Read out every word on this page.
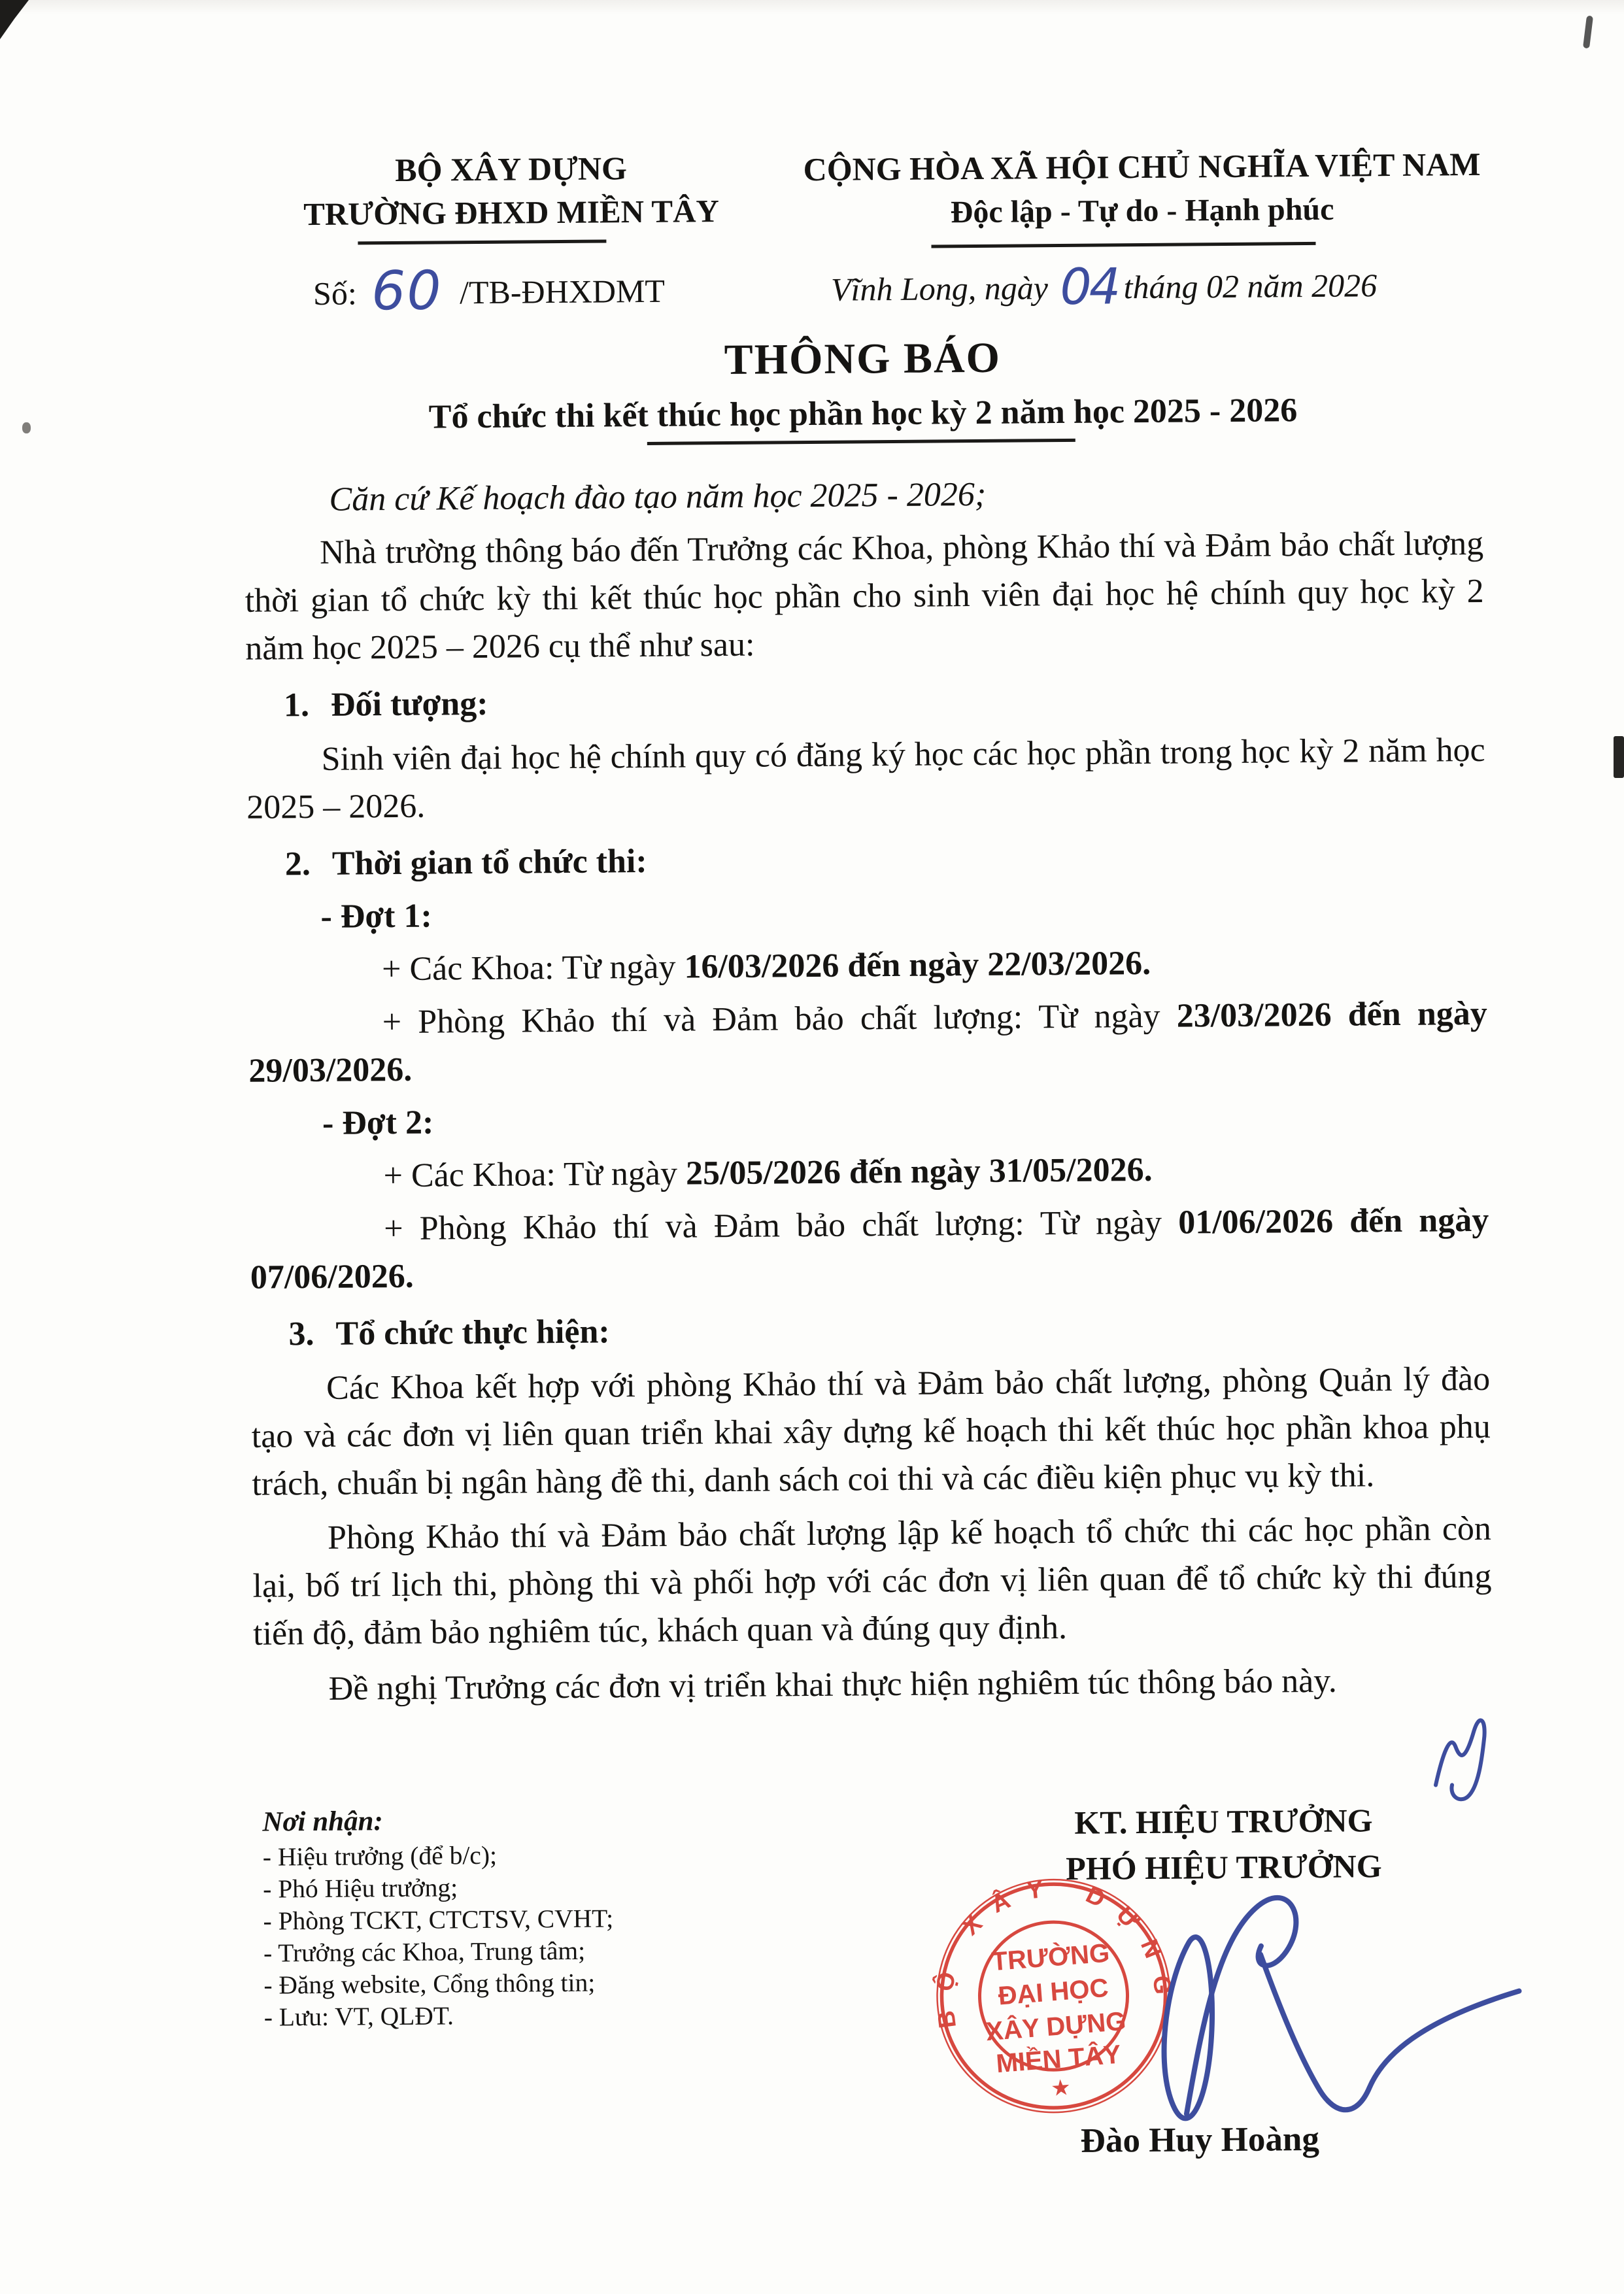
BỘ XÂY DỰNG
TRƯỜNG ĐHXD MIỀN TÂY
CỘNG HÒA XÃ HỘI CHỦ NGHĨA VIỆT NAM
Độc lập - Tự do - Hạnh phúc
Số: 60 /TB-ĐHXDMT	Vĩnh Long, ngày 04 tháng 02 năm 2026
THÔNG BÁO
Tổ chức thi kết thúc học phần học kỳ 2 năm học 2025 - 2026

Căn cứ Kế hoạch đào tạo năm học 2025 - 2026;

Nhà trường thông báo đến Trưởng các Khoa, phòng Khảo thí và Đảm bảo chất lượng thời gian tổ chức kỳ thi kết thúc học phần cho sinh viên đại học hệ chính quy học kỳ 2 năm học 2025 – 2026 cụ thể như sau:

1. Đối tượng:

Sinh viên đại học hệ chính quy có đăng ký học các học phần trong học kỳ 2 năm học 2025 – 2026.

2. Thời gian tổ chức thi:

- Đợt 1:

+ Các Khoa: Từ ngày 16/03/2026 đến ngày 22/03/2026.

+ Phòng Khảo thí và Đảm bảo chất lượng: Từ ngày 23/03/2026 đến ngày 29/03/2026.

- Đợt 2:

+ Các Khoa: Từ ngày 25/05/2026 đến ngày 31/05/2026.

+ Phòng Khảo thí và Đảm bảo chất lượng: Từ ngày 01/06/2026 đến ngày 07/06/2026.

3. Tổ chức thực hiện:

Các Khoa kết hợp với phòng Khảo thí và Đảm bảo chất lượng, phòng Quản lý đào tạo và các đơn vị liên quan triển khai xây dựng kế hoạch thi kết thúc học phần khoa phụ trách, chuẩn bị ngân hàng đề thi, danh sách coi thi và các điều kiện phục vụ kỳ thi.

Phòng Khảo thí và Đảm bảo chất lượng lập kế hoạch tổ chức thi các học phần còn lại, bố trí lịch thi, phòng thi và phối hợp với các đơn vị liên quan để tổ chức kỳ thi đúng tiến độ, đảm bảo nghiêm túc, khách quan và đúng quy định.

Đề nghị Trưởng các đơn vị triển khai thực hiện nghiêm túc thông báo này.

Nơi nhận:
- Hiệu trưởng (để b/c);
- Phó Hiệu trưởng;
- Phòng TCKT, CTCTSV, CVHT;
- Trưởng các Khoa, Trung tâm;
- Đăng website, Cổng thông tin;
- Lưu: VT, QLĐT.
KT. HIỆU TRƯỞNG
PHÓ HIỆU TRƯỞNG
BỘ XÂY DỰNG
TRƯỜNG
ĐẠI HỌC
XÂY DỰNG
MIỀN TÂY
★
Đào Huy Hoàng
